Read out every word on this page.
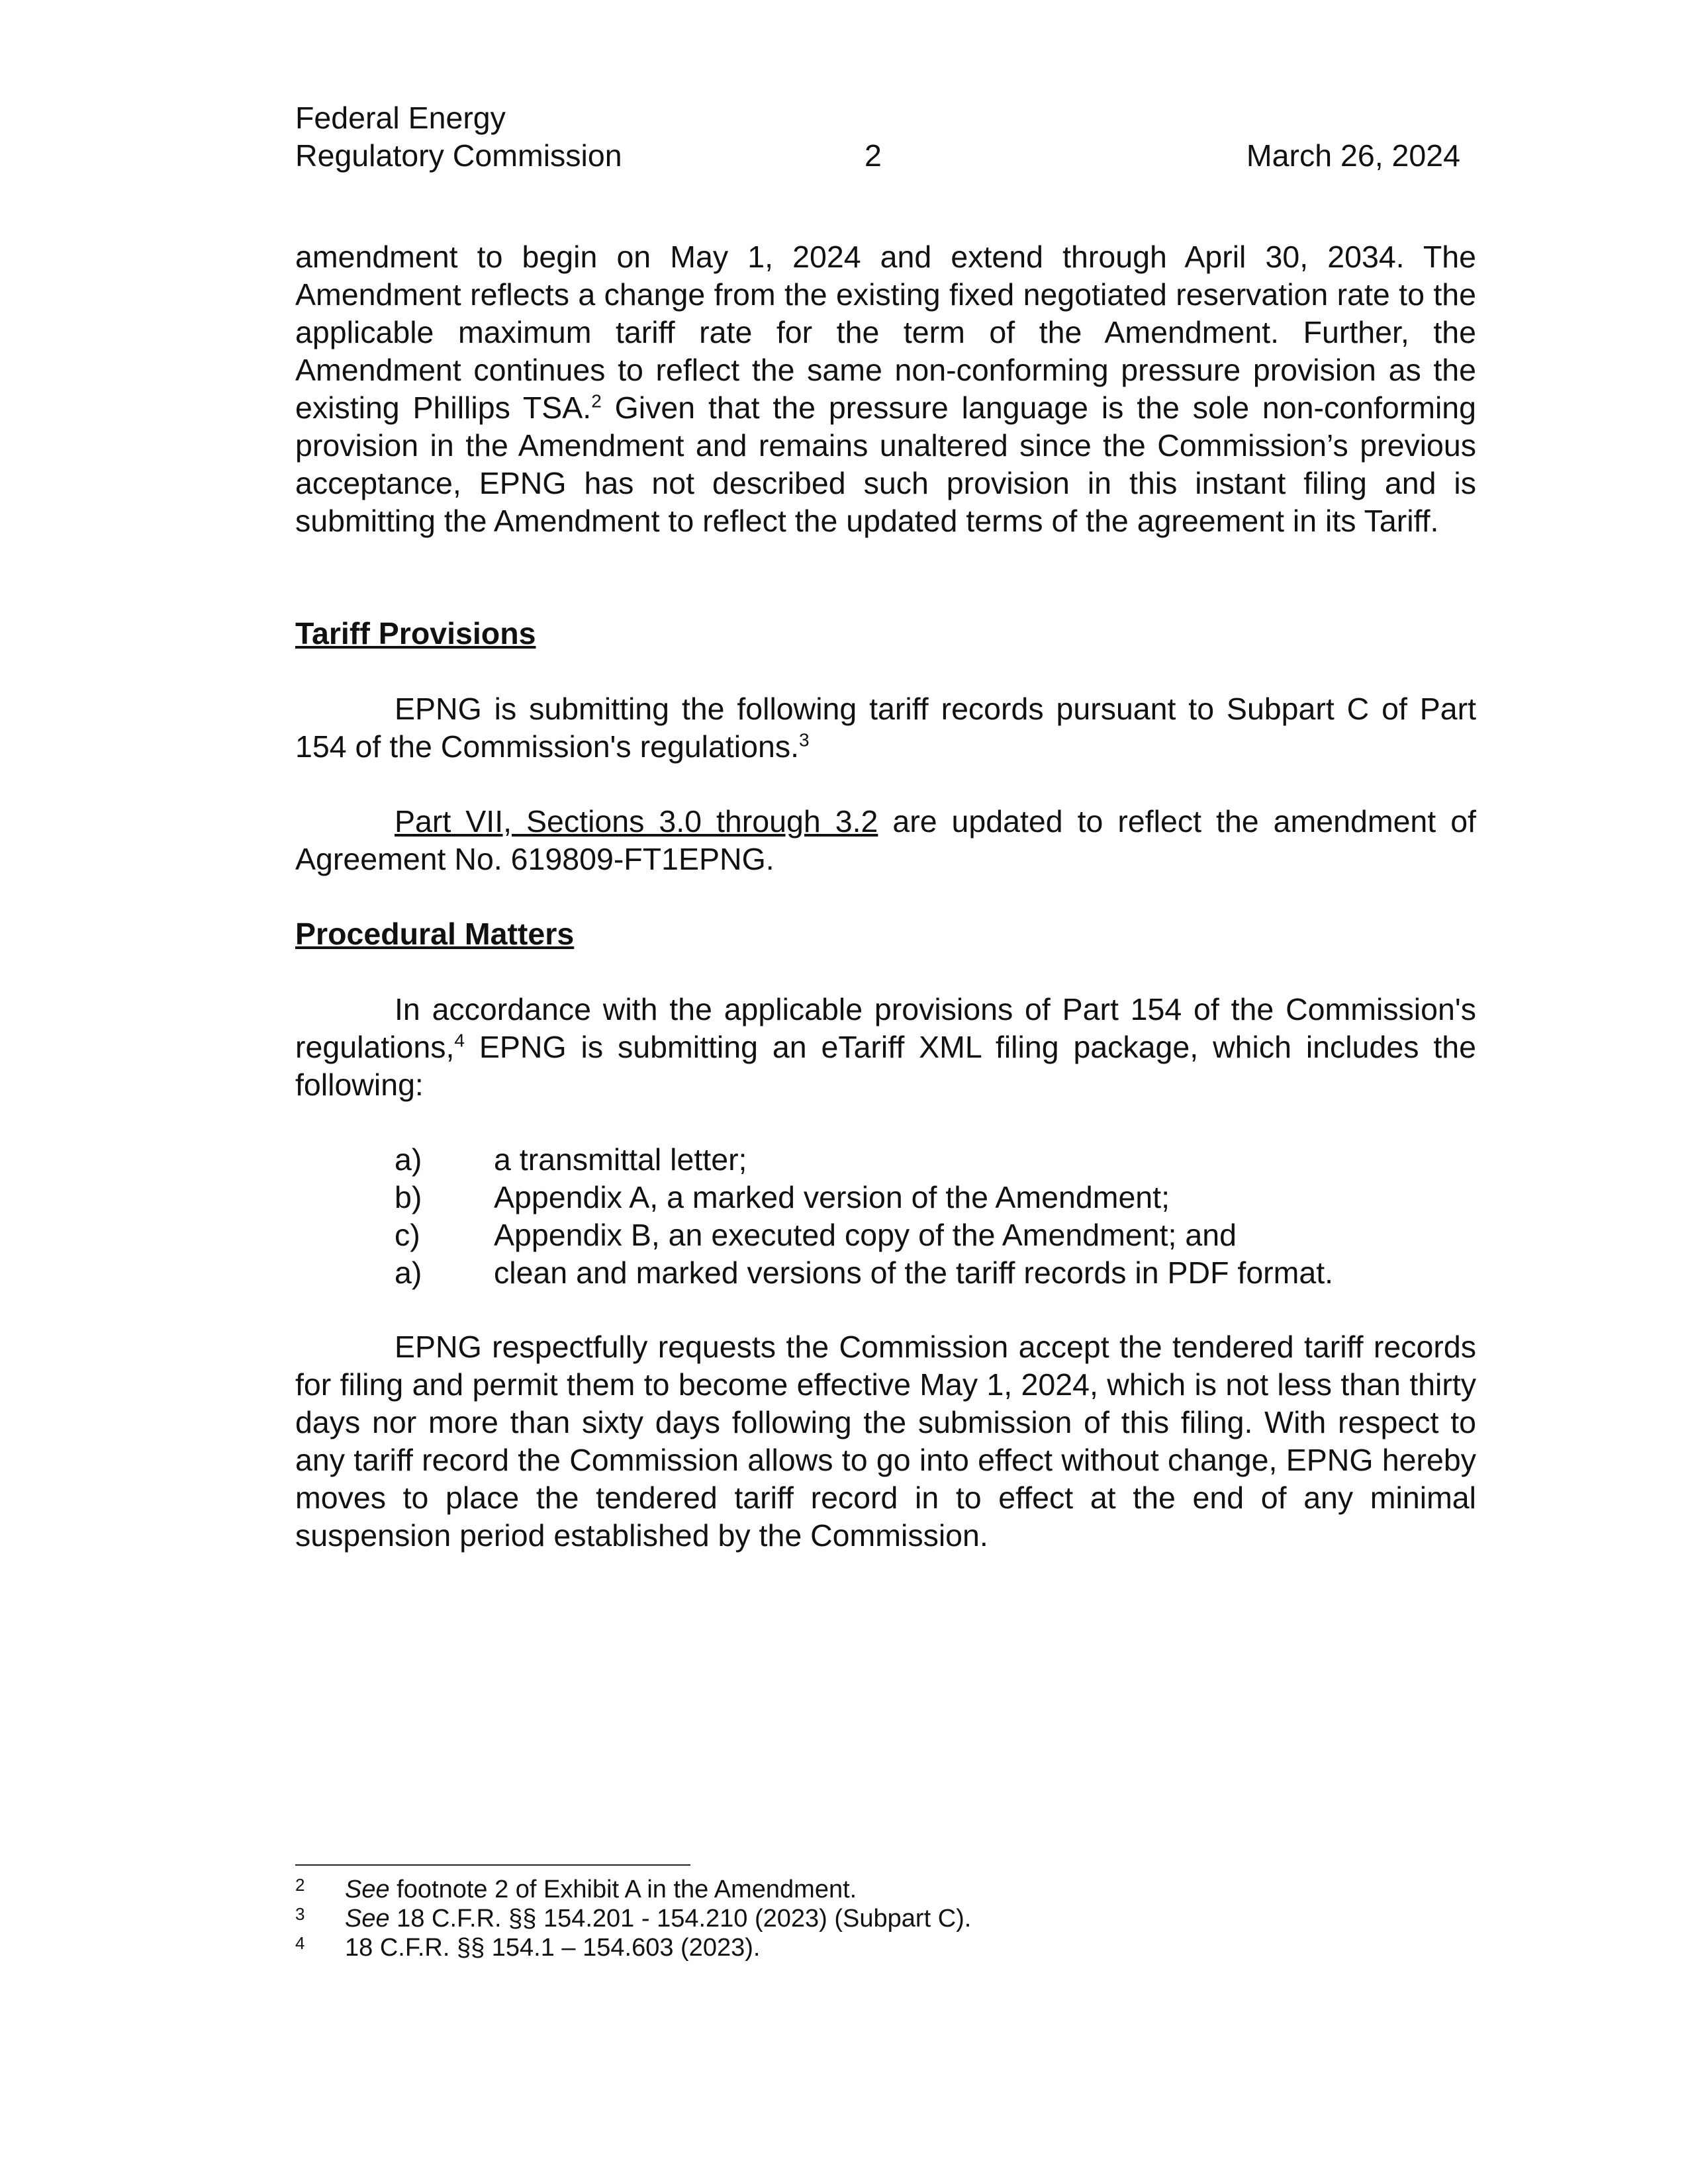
Federal Energy
Regulatory Commission	March 26, 2024
2
amendment to begin on May 1, 2024 and extend through April 30, 2034. The Amendment reflects a change from the existing fixed negotiated reservation rate to the applicable maximum tariff rate for the term of the Amendment. Further, the Amendment continues to reflect the same non-conforming pressure provision as the existing Phillips TSA.$^2$ Given that the pressure language is the sole non-conforming provision in the Amendment and remains unaltered since the Commission’s previous acceptance, EPNG has not described such provision in this instant filing and is submitting the Amendment to reflect the updated terms of the agreement in its Tariff.
Tariff Provisions
EPNG is submitting the following tariff records pursuant to Subpart C of Part 154 of the Commission's regulations.$^3$
Part VII, Sections 3.0 through 3.2 are updated to reflect the amendment of Agreement No. 619809-FT1EPNG.
Procedural Matters
In accordance with the applicable provisions of Part 154 of the Commission's regulations,$^4$ EPNG is submitting an eTariff XML filing package, which includes the following:
a)	a transmittal letter;
b)	Appendix A, a marked version of the Amendment;
c)	Appendix B, an executed copy of the Amendment; and
a)	clean and marked versions of the tariff records in PDF format.
EPNG respectfully requests the Commission accept the tendered tariff records for filing and permit them to become effective May 1, 2024, which is not less than thirty days nor more than sixty days following the submission of this filing. With respect to any tariff record the Commission allows to go into effect without change, EPNG hereby moves to place the tendered tariff record in to effect at the end of any minimal suspension period established by the Commission.
2	See footnote 2 of Exhibit A in the Amendment.
3	See 18 C.F.R. §§ 154.201 - 154.210 (2023) (Subpart C).
4	18 C.F.R. §§ 154.1 – 154.603 (2023).
